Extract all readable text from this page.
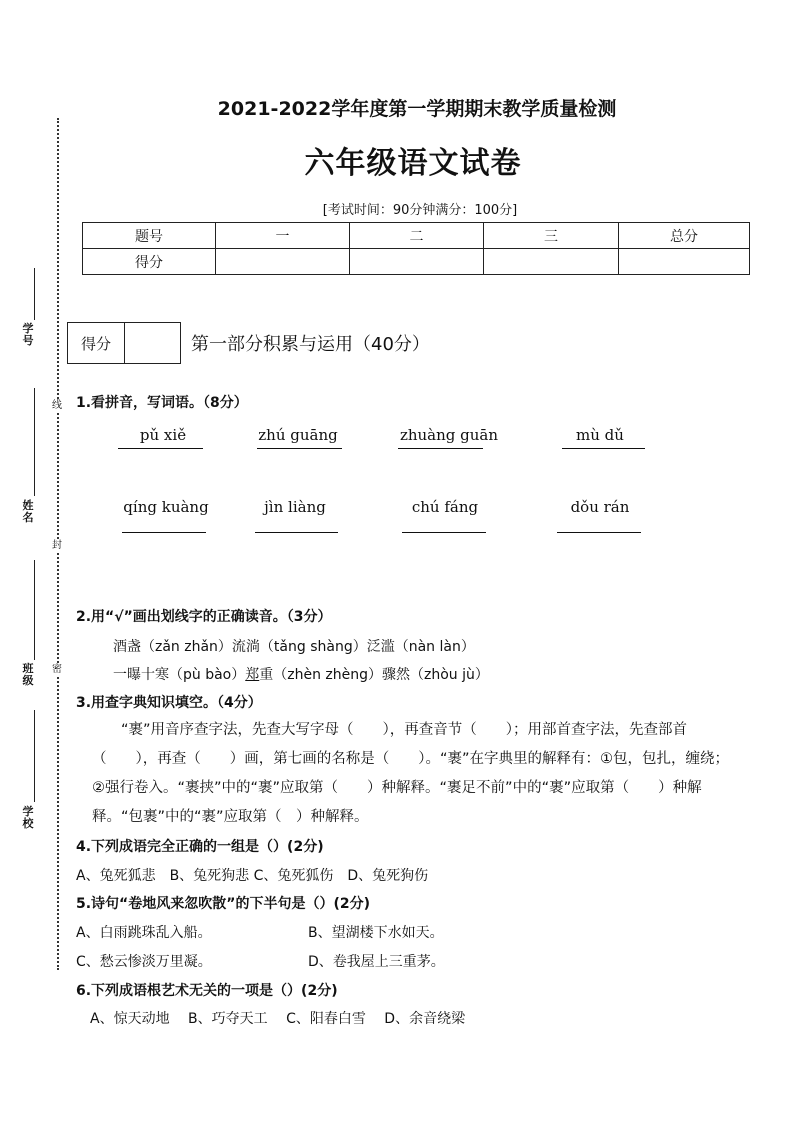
学号
姓名
班级
学校
线
封
密
2021-2022学年度第一学期期末教学质量检测
六年级语文试卷
[考试时间：90分钟满分：100分]
题号	一	二	三	总分
得分				
得分	第一部分积累与运用（40分）
1.看拼音，写词语。（8分）
pǔ xiě	zhú guāng	zhuàng guān	mù dǔ
qíng kuàng	jìn liàng	chú fáng	dǒu rán
2.用“√”画出划线字的正确读音。（3分）
酒盏（zǎn zhǎn）流淌（tǎng shàng）泛滥（nàn làn）
一曝十寒（pù bào）郑重（zhèn zhèng）骤然（zhòu jù）
3.用查字典知识填空。（4分）
“裹”用音序查字法，先查大写字母（　　），再查音节（　　）；用部首查字法，先查部首（　　），再查（　　）画，第七画的名称是（　　）。“裹”在字典里的解释有：①包，包扎，缠绕；②强行卷入。“裹挟”中的“裹”应取第（　　）种解释。“裹足不前”中的“裹”应取第（　　）种解释。“包裹”中的“裹”应取第（　）种解释。
4.下列成语完全正确的一组是（）(2分)
A、兔死狐悲　B、兔死狗悲 C、兔死狐伤　D、兔死狗伤
5.诗句“卷地风来忽吹散”的下半句是（）(2分)
A、白雨跳珠乱入船。	B、望湖楼下水如天。
C、愁云惨淡万里凝。	D、卷我屋上三重茅。
6.下列成语根艺术无关的一项是（）(2分)
A、惊天动地　 B、巧夺天工　 C、阳春白雪　 D、余音绕梁
